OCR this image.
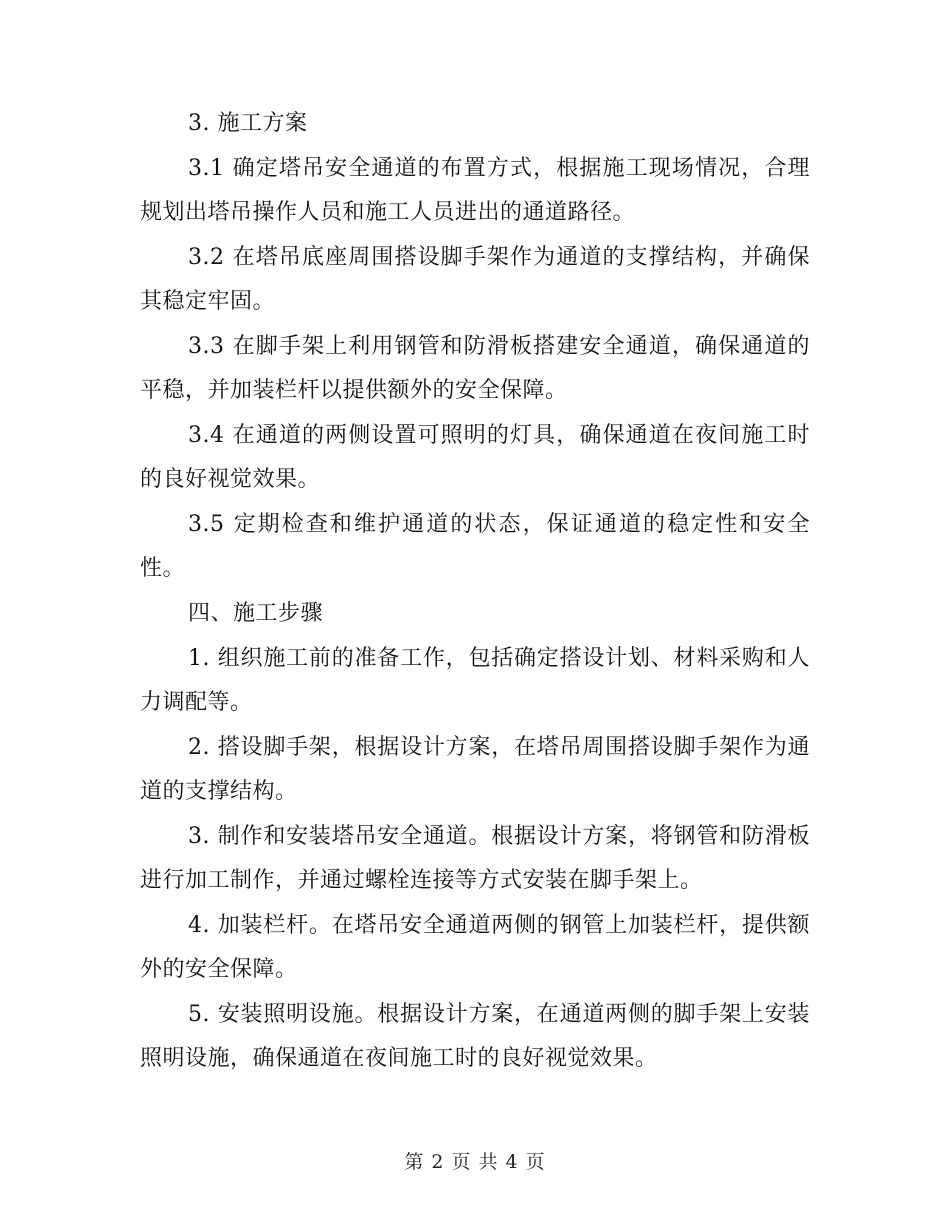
3. 施工方案

3.1 确定塔吊安全通道的布置方式，根据施工现场情况，合理规划出塔吊操作人员和施工人员进出的通道路径。

3.2 在塔吊底座周围搭设脚手架作为通道的支撑结构，并确保其稳定牢固。

3.3 在脚手架上利用钢管和防滑板搭建安全通道，确保通道的平稳，并加装栏杆以提供额外的安全保障。

3.4 在通道的两侧设置可照明的灯具，确保通道在夜间施工时的良好视觉效果。

3.5 定期检查和维护通道的状态，保证通道的稳定性和安全性。

四、施工步骤

1. 组织施工前的准备工作，包括确定搭设计划、材料采购和人力调配等。

2. 搭设脚手架，根据设计方案，在塔吊周围搭设脚手架作为通道的支撑结构。

3. 制作和安装塔吊安全通道。根据设计方案，将钢管和防滑板进行加工制作，并通过螺栓连接等方式安装在脚手架上。

4. 加装栏杆。在塔吊安全通道两侧的钢管上加装栏杆，提供额外的安全保障。

5. 安装照明设施。根据设计方案，在通道两侧的脚手架上安装照明设施，确保通道在夜间施工时的良好视觉效果。

第 2 页 共 4 页
